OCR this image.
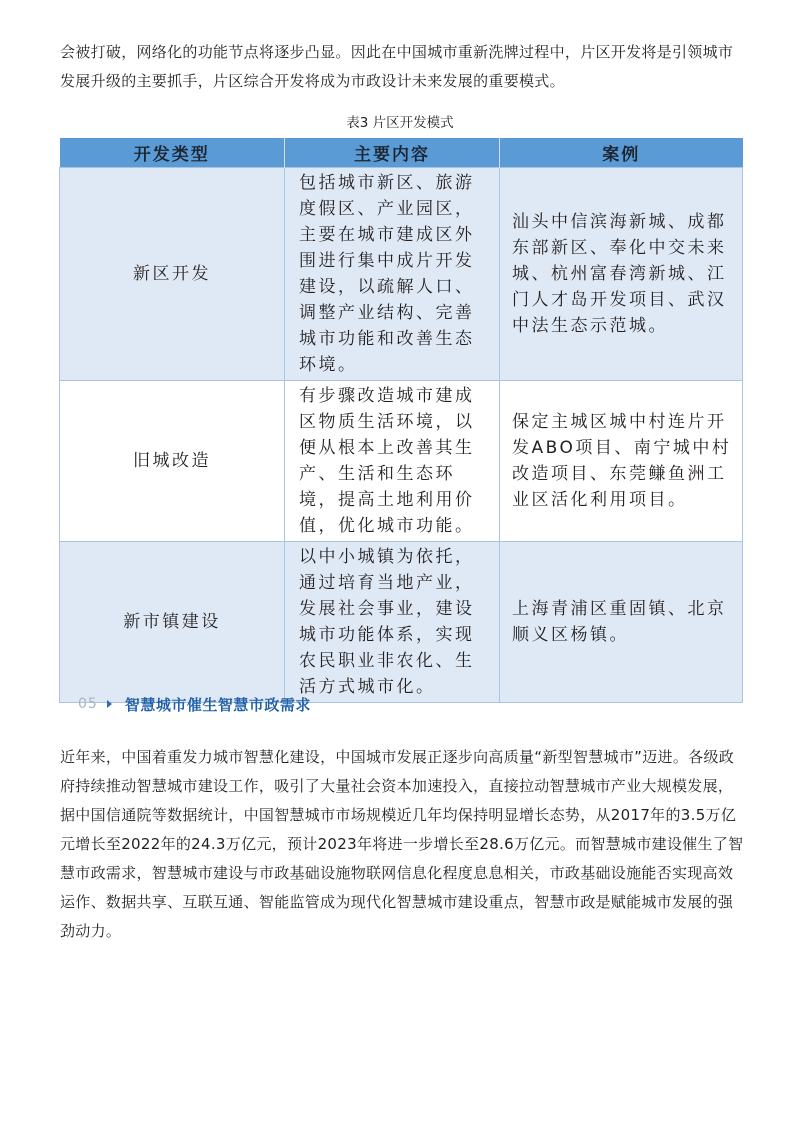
会被打破，网络化的功能节点将逐步凸显。因此在中国城市重新洗牌过程中，片区开发将是引领城市发展升级的主要抓手，片区综合开发将成为市政设计未来发展的重要模式。

表3 片区开发模式
开发类型	主要内容	案例
新区开发	包括城市新区、旅游度假区、产业园区，主要在城市建成区外围进行集中成片开发建设，以疏解人口、调整产业结构、完善城市功能和改善生态环境。	汕头中信滨海新城、成都东部新区、奉化中交未来城、杭州富春湾新城、江门人才岛开发项目、武汉中法生态示范城。
旧城改造	有步骤改造城市建成区物质生活环境，以便从根本上改善其生产、生活和生态环境，提高土地利用价值，优化城市功能。	保定主城区城中村连片开发ABO项目、南宁城中村改造项目、东莞鳒鱼洲工业区活化利用项目。
新市镇建设	以中小城镇为依托，通过培育当地产业，发展社会事业，建设城市功能体系，实现农民职业非农化、生活方式城市化。	上海青浦区重固镇、北京顺义区杨镇。
05 智慧城市催生智慧市政需求

近年来，中国着重发力城市智慧化建设，中国城市发展正逐步向高质量“新型智慧城市”迈进。各级政府持续推动智慧城市建设工作，吸引了大量社会资本加速投入，直接拉动智慧城市产业大规模发展，据中国信通院等数据统计，中国智慧城市市场规模近几年均保持明显增长态势，从2017年的3.5万亿元增长至2022年的24.3万亿元，预计2023年将进一步增长至28.6万亿元。而智慧城市建设催生了智慧市政需求，智慧城市建设与市政基础设施物联网信息化程度息息相关，市政基础设施能否实现高效运作、数据共享、互联互通、智能监管成为现代化智慧城市建设重点，智慧市政是赋能城市发展的强劲动力。
